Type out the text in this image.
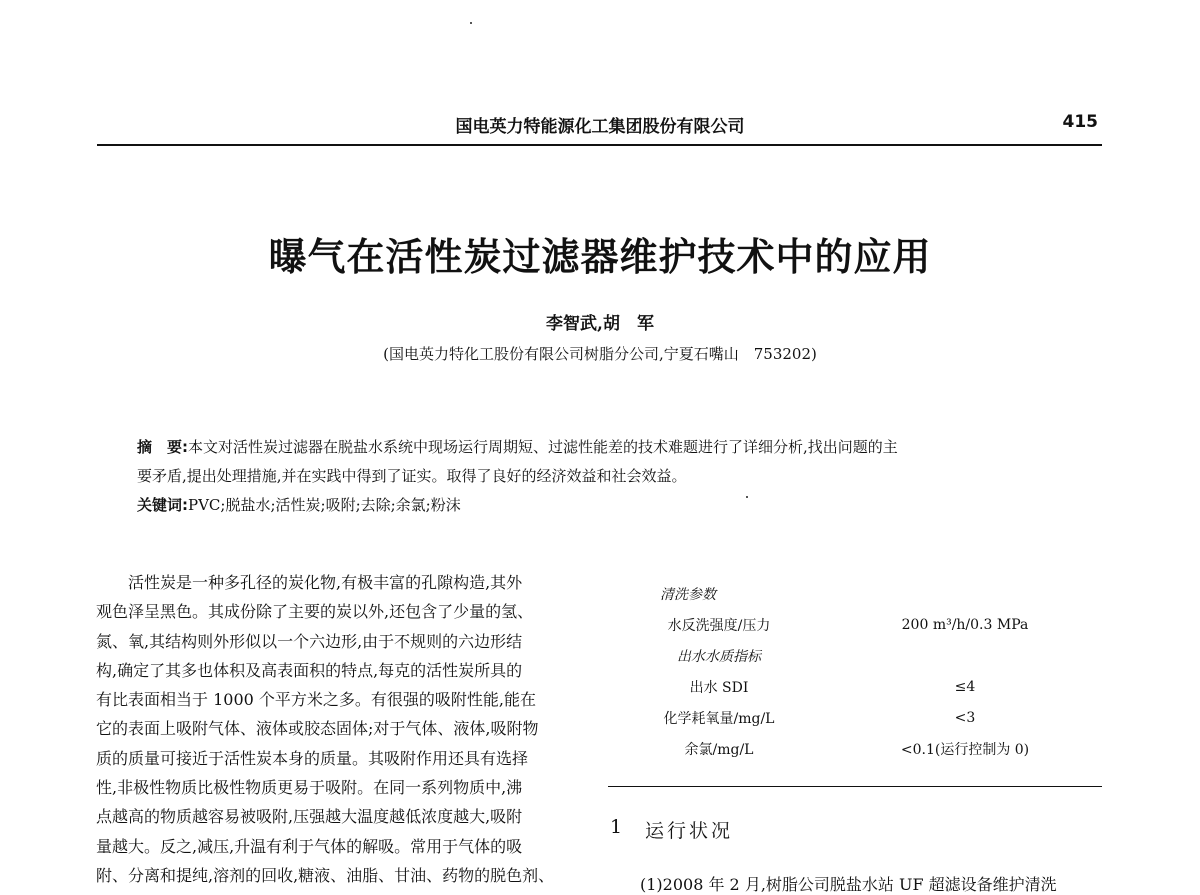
国电英力特能源化工集团股份有限公司	415
曝气在活性炭过滤器维护技术中的应用
李智武,胡　军
(国电英力特化工股份有限公司树脂分公司,宁夏石嘴山　753202)
摘　要:本文对活性炭过滤器在脱盐水系统中现场运行周期短、过滤性能差的技术难题进行了详细分析,找出问题的主
要矛盾,提出处理措施,并在实践中得到了证实。取得了良好的经济效益和社会效益。
关键词:PVC;脱盐水;活性炭;吸附;去除;余氯;粉沫
活性炭是一种多孔径的炭化物,有极丰富的孔隙构造,其外
观色泽呈黑色。其成份除了主要的炭以外,还包含了少量的氢、
氮、氧,其结构则外形似以一个六边形,由于不规则的六边形结
构,确定了其多也体积及高表面积的特点,每克的活性炭所具的
有比表面相当于 1000 个平方米之多。有很强的吸附性能,能在
它的表面上吸附气体、液体或胶态固体;对于气体、液体,吸附物
质的质量可接近于活性炭本身的质量。其吸附作用还具有选择
性,非极性物质比极性物质更易于吸附。在同一系列物质中,沸
点越高的物质越容易被吸附,压强越大温度越低浓度越大,吸附
量越大。反之,减压,升温有利于气体的解吸。常用于气体的吸
附、分离和提纯,溶剂的回收,糖液、油脂、甘油、药物的脱色剂、
清洗参数	
水反洗强度/压力	200 m³/h/0.3 MPa
出水水质指标	
出水 SDI	≤4
化学耗氧量/mg/L	<3
余氯/mg/L	<0.1(运行控制为 0)
1 运行状况
(1)2008 年 2 月,树脂公司脱盐水站 UF 超滤设备维护清洗
